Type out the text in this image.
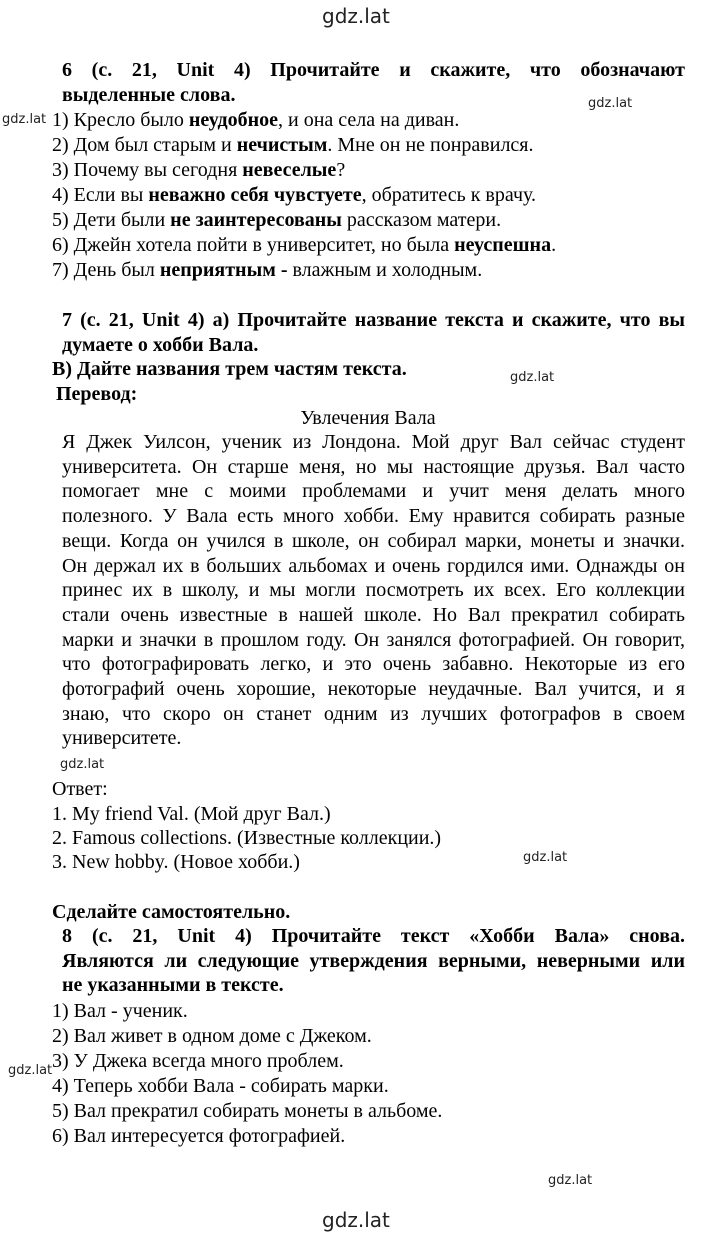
gdz.lat
gdz.lat
gdz.lat
gdz.lat
gdz.lat
gdz.lat
gdz.lat
gdz.lat
gdz.lat
6 (с. 21, Unit 4) Прочитайте и скажите, что обозначают
выделенные слова.
1) Кресло было неудобное, и она села на диван.
2) Дом был старым и нечистым. Мне он не понравился.
3) Почему вы сегодня невеселые?
4) Если вы неважно себя чувстуете, обратитесь к врачу.
5) Дети были не заинтересованы рассказом матери.
6) Джейн хотела пойти в университет, но была неуспешна.
7) День был неприятным - влажным и холодным.
7 (с. 21, Unit 4) а) Прочитайте название текста и скажите, что вы
думаете о хобби Вала.
В) Дайте названия трем частям текста.
Перевод:
Увлечения Вала
Я Джек Уилсон, ученик из Лондона. Мой друг Вал сейчас студент
университета. Он старше меня, но мы настоящие друзья. Вал часто
помогает мне с моими проблемами и учит меня делать много
полезного. У Вала есть много хобби. Ему нравится собирать разные
вещи. Когда он учился в школе, он собирал марки, монеты и значки.
Он держал их в больших альбомах и очень гордился ими. Однажды он
принес их в школу, и мы могли посмотреть их всех. Его коллекции
стали очень известные в нашей школе. Но Вал прекратил собирать
марки и значки в прошлом году. Он занялся фотографией. Он говорит,
что фотографировать легко, и это очень забавно. Некоторые из его
фотографий очень хорошие, некоторые неудачные. Вал учится, и я
знаю, что скоро он станет одним из лучших фотографов в своем
университете.
Ответ:
1. My friend Val. (Мой друг Вал.)
2. Famous collections. (Известные коллекции.)
3. New hobby. (Новое хобби.)
Сделайте самостоятельно.
8 (с. 21, Unit 4) Прочитайте текст «Хобби Вала» снова.
Являются ли следующие утверждения верными, неверными или
не указанными в тексте.
1) Вал - ученик.
2) Вал живет в одном доме с Джеком.
3) У Джека всегда много проблем.
4) Теперь хобби Вала - собирать марки.
5) Вал прекратил собирать монеты в альбоме.
6) Вал интересуется фотографией.
